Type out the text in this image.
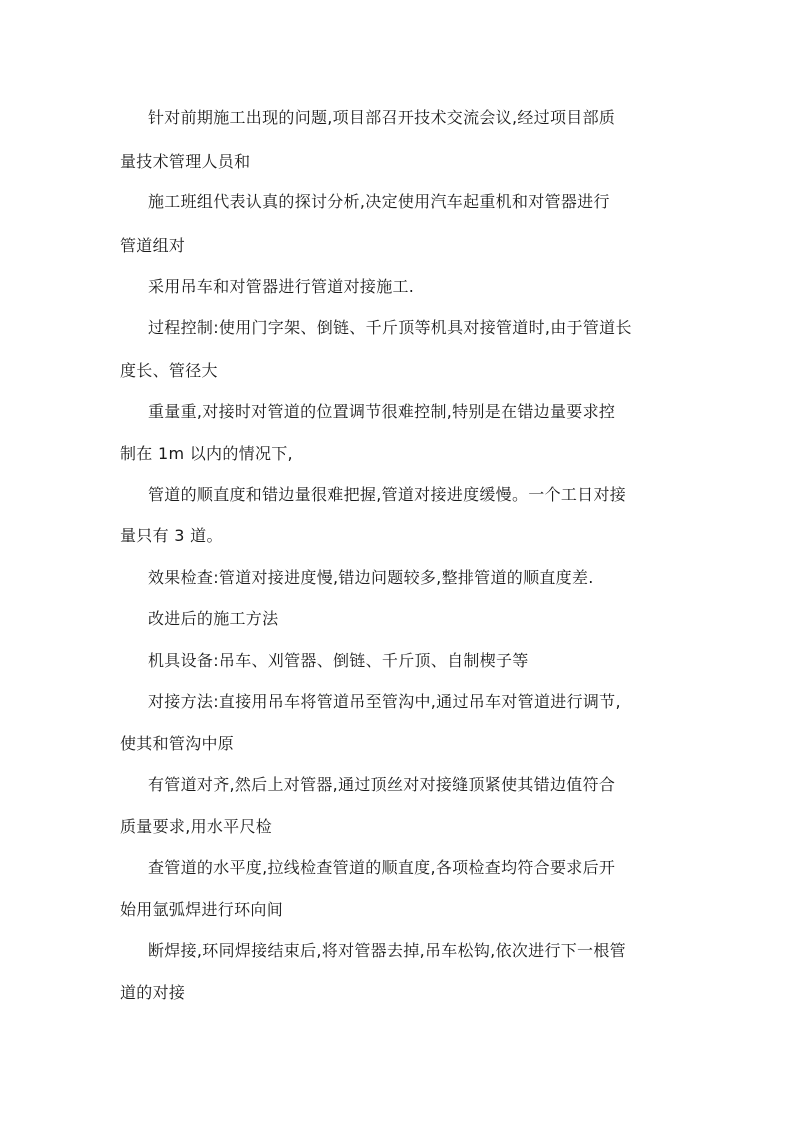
针对前期施工出现的问题,项目部召开技术交流会议,经过项目部质
量技术管理人员和
施工班组代表认真的探讨分析,决定使用汽车起重机和对管器进行
管道组对
采用吊车和对管器进行管道对接施工.
过程控制:使用门字架、倒链、千斤顶等机具对接管道时,由于管道长
度长、管径大
重量重,对接时对管道的位置调节很难控制,特别是在错边量要求控
制在 1m 以内的情况下,
管道的顺直度和错边量很难把握,管道对接进度缓慢。一个工日对接
量只有 3 道。
效果检查:管道对接进度慢,错边问题较多,整排管道的顺直度差.
改进后的施工方法
机具设备:吊车、刈管器、倒链、千斤顶、自制楔子等
对接方法:直接用吊车将管道吊至管沟中,通过吊车对管道进行调节,
使其和管沟中原
有管道对齐,然后上对管器,通过顶丝对对接缝顶紧使其错边值符合
质量要求,用水平尺检
查管道的水平度,拉线检查管道的顺直度,各项检查均符合要求后开
始用氩弧焊进行环向间
断焊接,环同焊接结束后,将对管器去掉,吊车松钩,依次进行下一根管
道的对接
